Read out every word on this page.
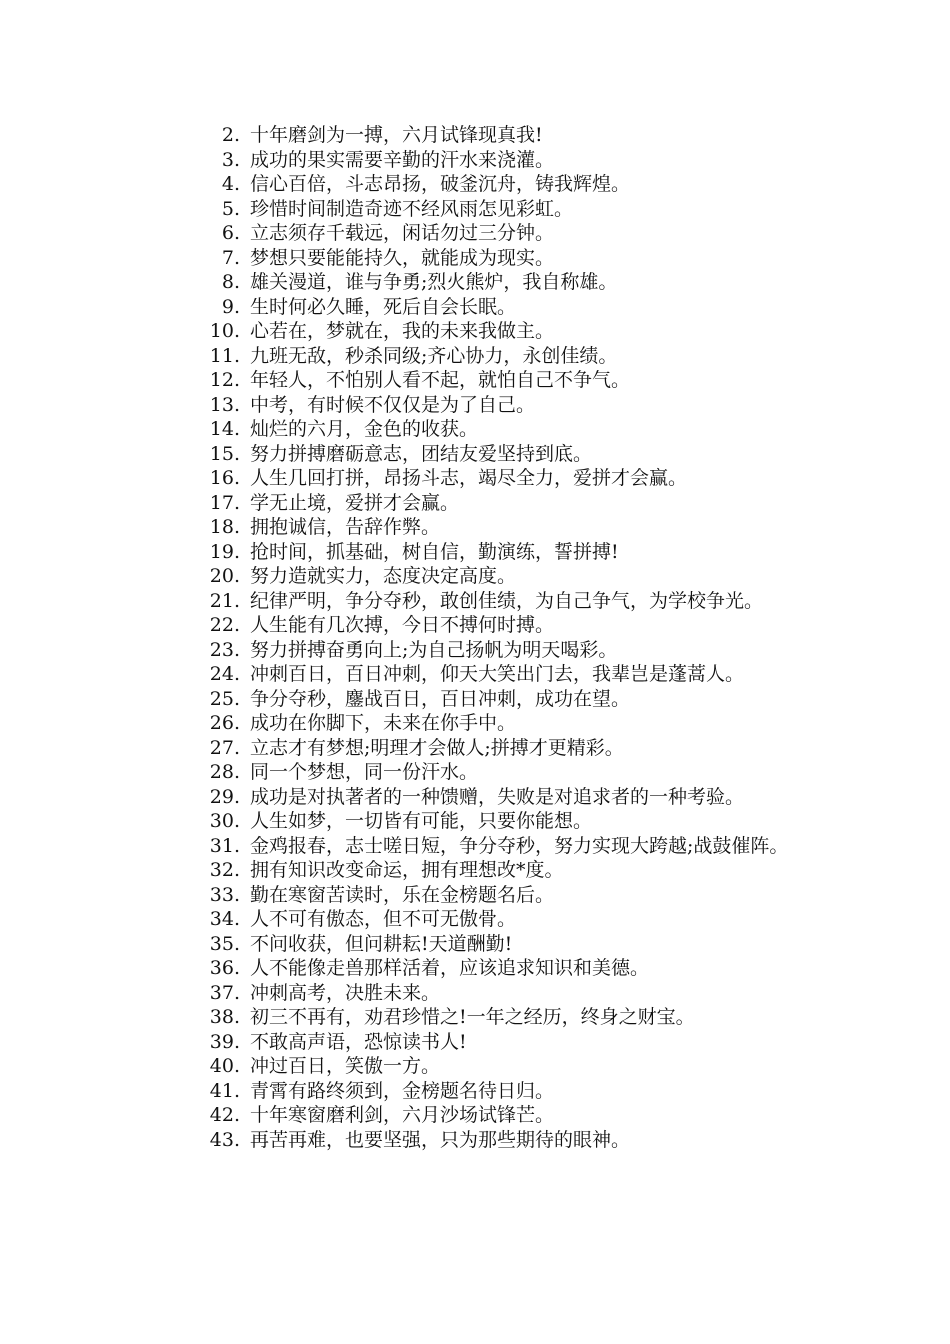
2. 十年磨剑为一搏，六月试锋现真我!

3. 成功的果实需要辛勤的汗水来浇灌。

4. 信心百倍，斗志昂扬，破釜沉舟，铸我辉煌。

5. 珍惜时间制造奇迹不经风雨怎见彩虹。

6. 立志须存千载远，闲话勿过三分钟。

7. 梦想只要能能持久，就能成为现实。

8. 雄关漫道，谁与争勇;烈火熊炉，我自称雄。

9. 生时何必久睡，死后自会长眠。

10. 心若在，梦就在，我的未来我做主。

11. 九班无敌，秒杀同级;齐心协力，永创佳绩。

12. 年轻人，不怕别人看不起，就怕自己不争气。

13. 中考，有时候不仅仅是为了自己。

14. 灿烂的六月，金色的收获。

15. 努力拼搏磨砺意志，团结友爱坚持到底。

16. 人生几回打拼，昂扬斗志，竭尽全力，爱拼才会赢。

17. 学无止境，爱拼才会赢。

18. 拥抱诚信，告辞作弊。

19. 抢时间，抓基础，树自信，勤演练，誓拼搏!

20. 努力造就实力，态度决定高度。

21. 纪律严明，争分夺秒，敢创佳绩，为自己争气，为学校争光。

22. 人生能有几次搏，今日不搏何时搏。

23. 努力拼搏奋勇向上;为自己扬帆为明天喝彩。

24. 冲刺百日，百日冲刺，仰天大笑出门去，我辈岂是蓬蒿人。

25. 争分夺秒，鏖战百日，百日冲刺，成功在望。

26. 成功在你脚下，未来在你手中。

27. 立志才有梦想;明理才会做人;拼搏才更精彩。

28. 同一个梦想，同一份汗水。

29. 成功是对执著者的一种馈赠，失败是对追求者的一种考验。

30. 人生如梦，一切皆有可能，只要你能想。

31. 金鸡报春，志士嗟日短，争分夺秒，努力实现大跨越;战鼓催阵。

32. 拥有知识改变命运，拥有理想改*度。

33. 勤在寒窗苦读时，乐在金榜题名后。

34. 人不可有傲态，但不可无傲骨。

35. 不问收获，但问耕耘!天道酬勤!

36. 人不能像走兽那样活着，应该追求知识和美德。

37. 冲刺高考，决胜未来。

38. 初三不再有，劝君珍惜之!一年之经历，终身之财宝。

39. 不敢高声语，恐惊读书人!

40. 冲过百日，笑傲一方。

41. 青霄有路终须到，金榜题名待日归。

42. 十年寒窗磨利剑，六月沙场试锋芒。

43. 再苦再难，也要坚强，只为那些期待的眼神。
